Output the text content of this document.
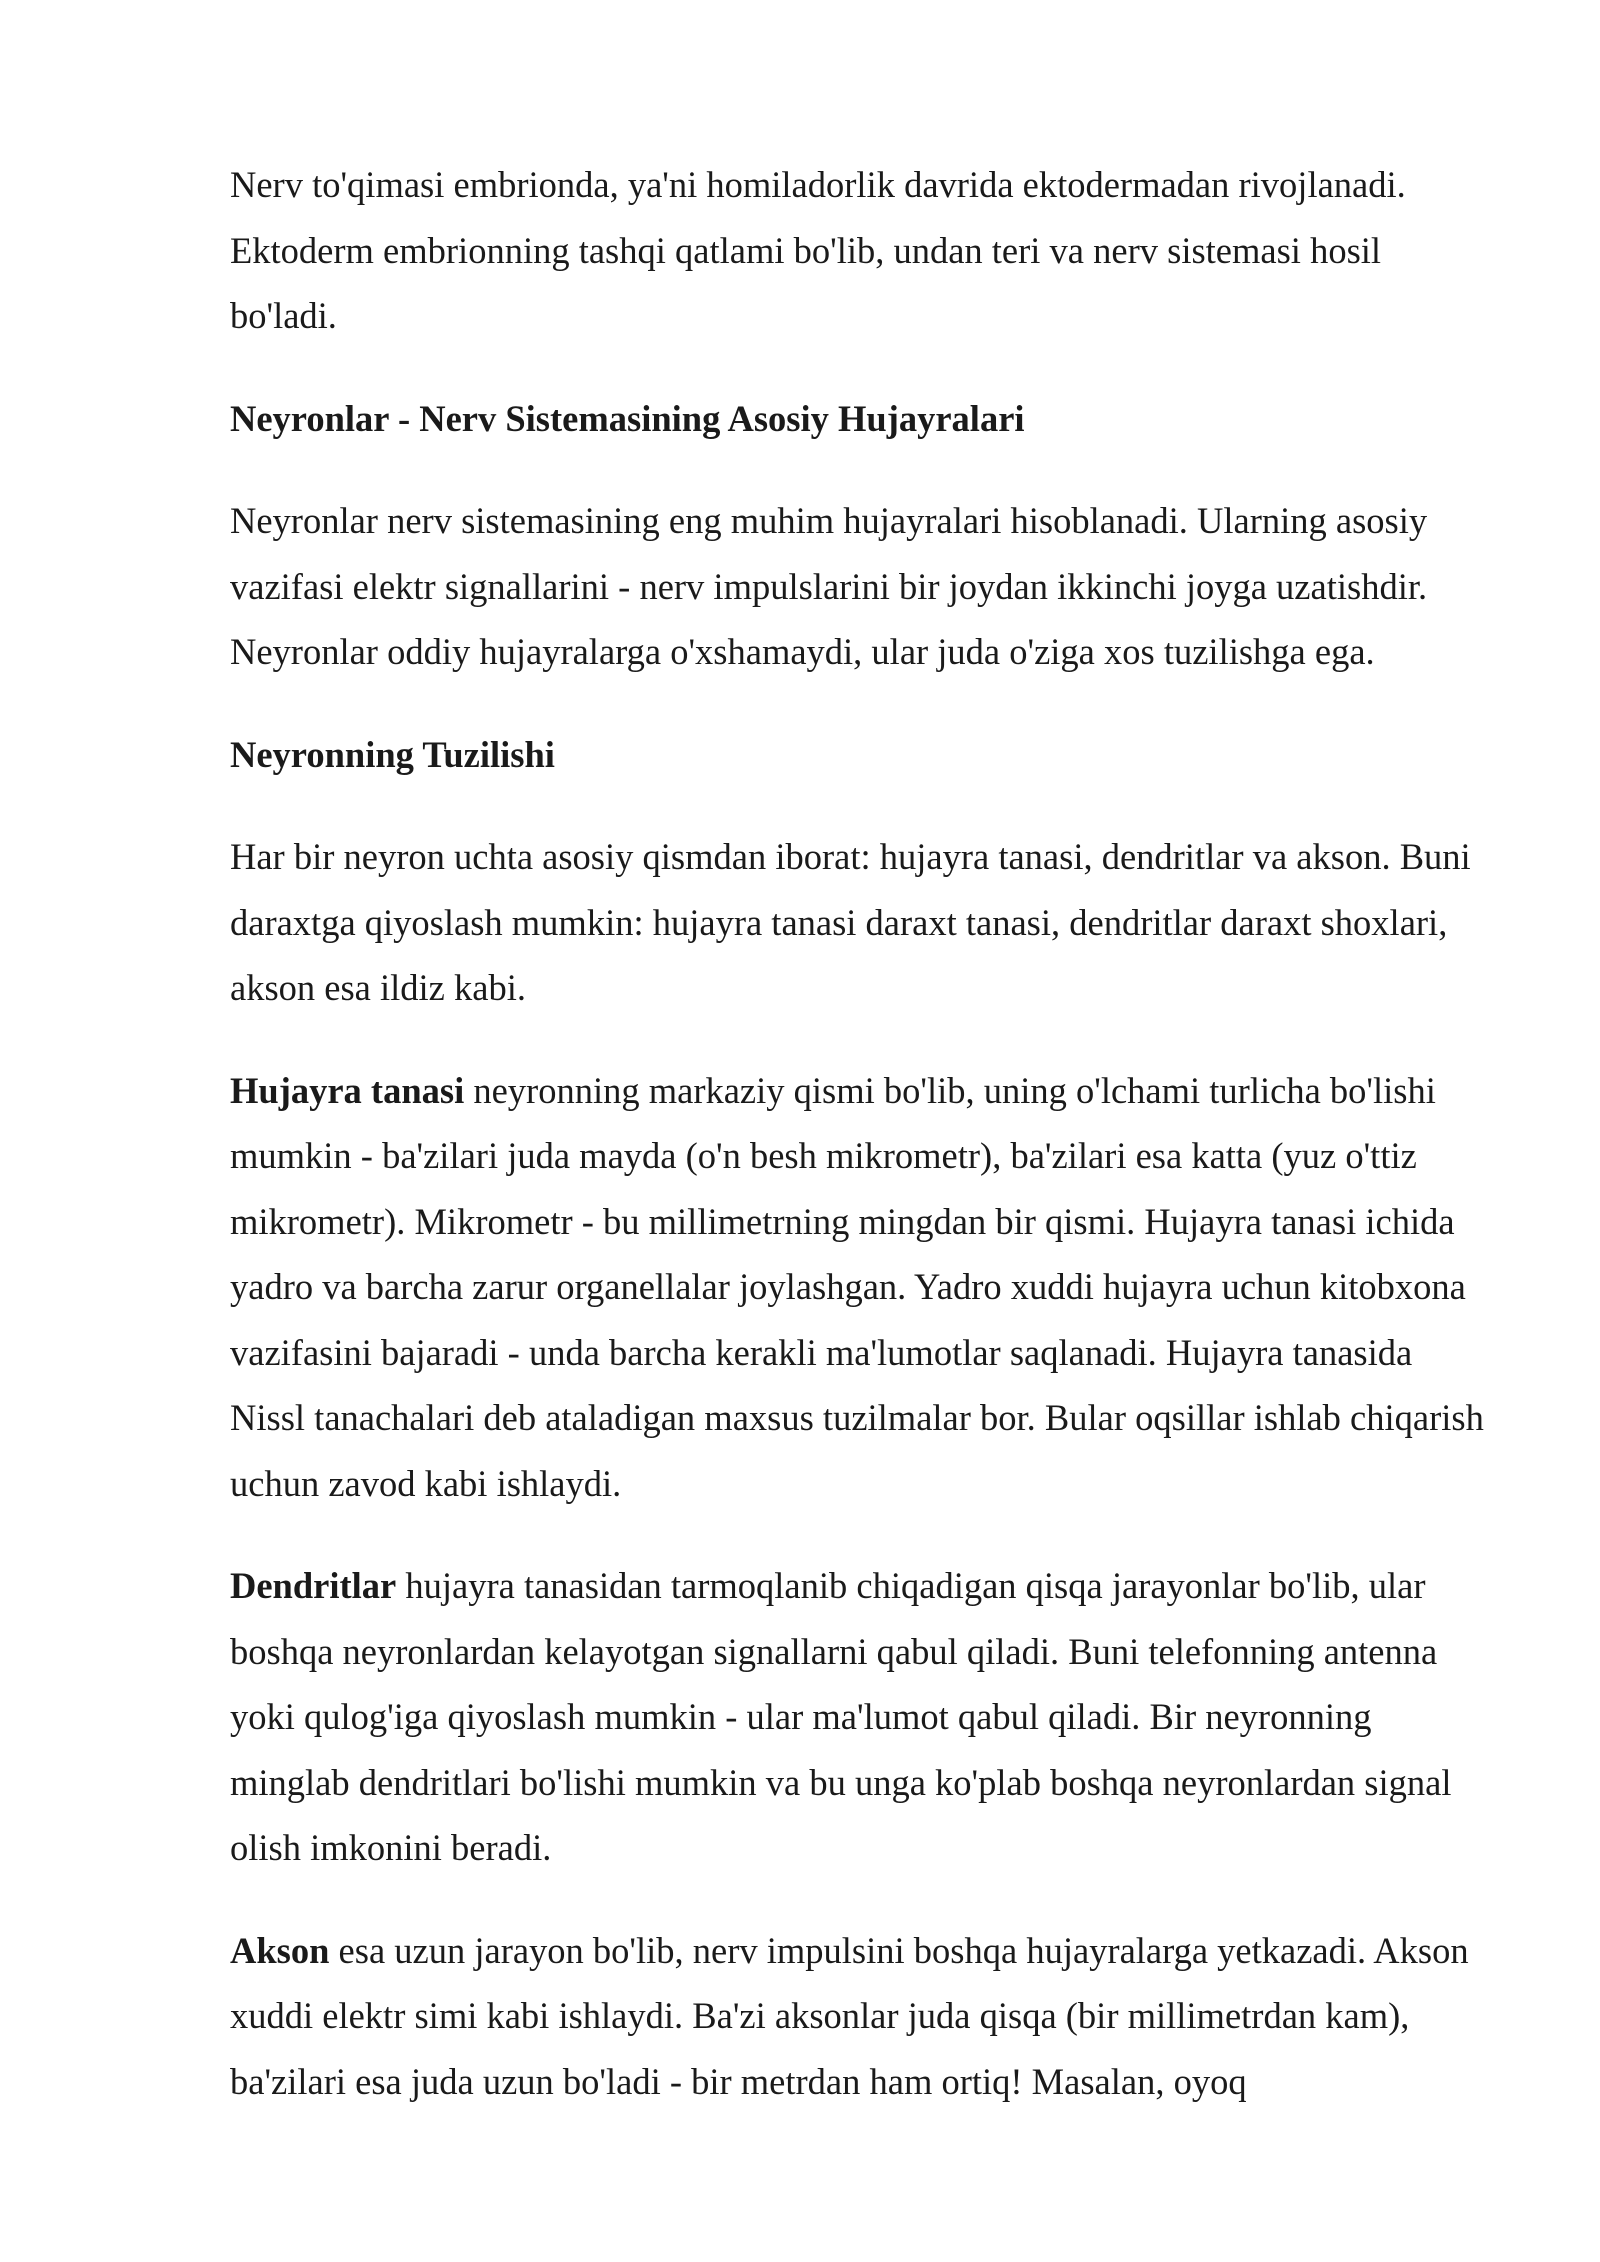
Nerv to'qimasi embrionda, ya'ni homiladorlik davrida ektodermadan rivojlanadi. Ektoderm embrionning tashqi qatlami bo'lib, undan teri va nerv sistemasi hosil bo'ladi.

Neyronlar - Nerv Sistemasining Asosiy Hujayralari

Neyronlar nerv sistemasining eng muhim hujayralari hisoblanadi. Ularning asosiy vazifasi elektr signallarini - nerv impulslarini bir joydan ikkinchi joyga uzatishdir. Neyronlar oddiy hujayralarga o'xshamaydi, ular juda o'ziga xos tuzilishga ega.

Neyronning Tuzilishi

Har bir neyron uchta asosiy qismdan iborat: hujayra tanasi, dendritlar va akson. Buni daraxtga qiyoslash mumkin: hujayra tanasi daraxt tanasi, dendritlar daraxt shoxlari, akson esa ildiz kabi.

Hujayra tanasi neyronning markaziy qismi bo'lib, uning o'lchami turlicha bo'lishi mumkin - ba'zilari juda mayda (o'n besh mikrometr), ba'zilari esa katta (yuz o'ttiz mikrometr). Mikrometr - bu millimetrning mingdan bir qismi. Hujayra tanasi ichida yadro va barcha zarur organellalar joylashgan. Yadro xuddi hujayra uchun kitobxona vazifasini bajaradi - unda barcha kerakli ma'lumotlar saqlanadi. Hujayra tanasida Nissl tanachalari deb ataladigan maxsus tuzilmalar bor. Bular oqsillar ishlab chiqarish uchun zavod kabi ishlaydi.

Dendritlar hujayra tanasidan tarmoqlanib chiqadigan qisqa jarayonlar bo'lib, ular boshqa neyronlardan kelayotgan signallarni qabul qiladi. Buni telefonning antenna yoki qulog'iga qiyoslash mumkin - ular ma'lumot qabul qiladi. Bir neyronning minglab dendritlari bo'lishi mumkin va bu unga ko'plab boshqa neyronlardan signal olish imkonini beradi.

Akson esa uzun jarayon bo'lib, nerv impulsini boshqa hujayralarga yetkazadi. Akson xuddi elektr simi kabi ishlaydi. Ba'zi aksonlar juda qisqa (bir millimetrdan kam), ba'zilari esa juda uzun bo'ladi - bir metrdan ham ortiq! Masalan, oyoq
